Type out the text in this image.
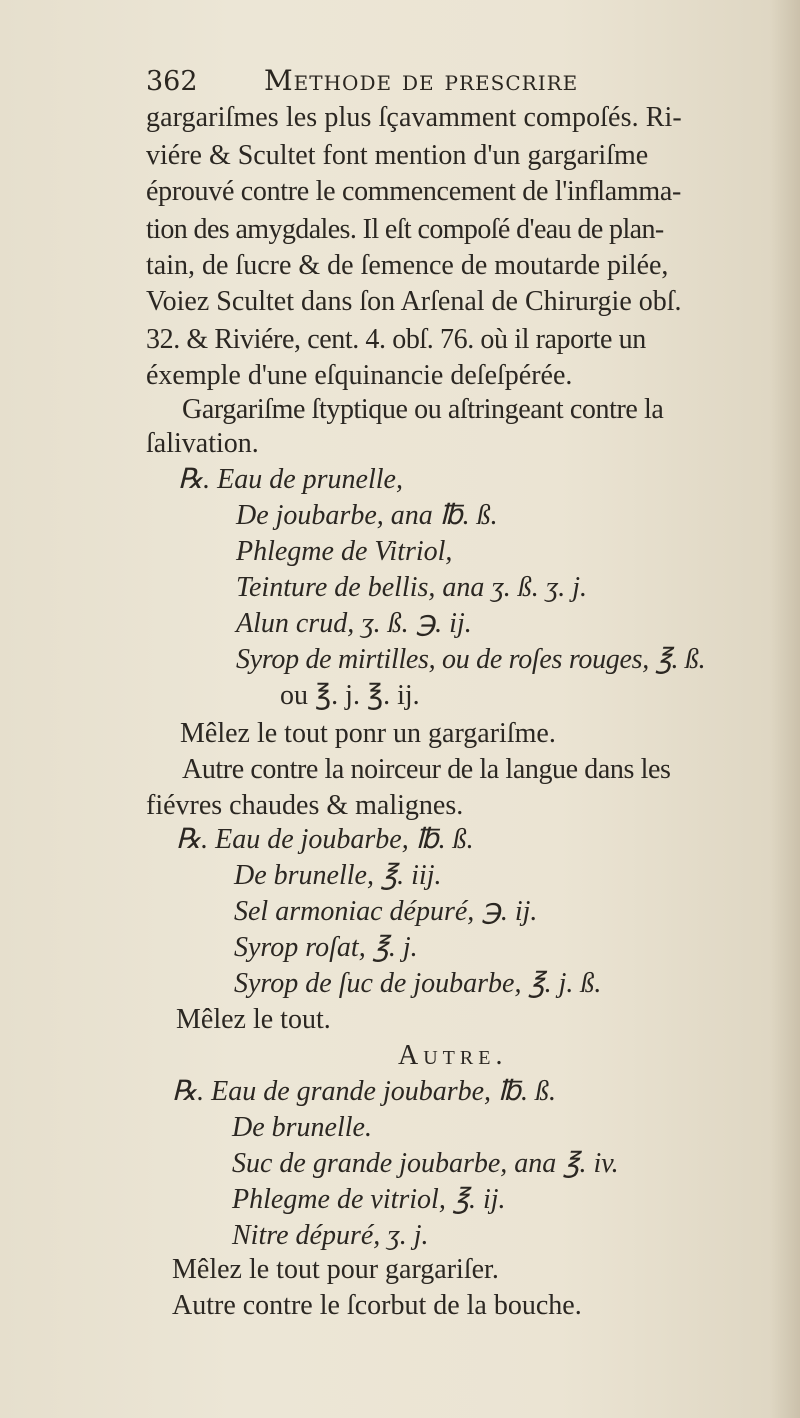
362 Methode de prescrire
gargariſmes les plus ſçavamment compoſés. Ri-
viére & Scultet font mention d'un gargariſme
éprouvé contre le commencement de l'inflamma-
tion des amygdales. Il eſt compoſé d'eau de plan-
tain, de ſucre & de ſemence de moutarde pilée,
Voiez Scultet dans ſon Arſenal de Chirurgie obſ.
32. & Riviére, cent. 4. obſ. 76. où il raporte un
éxemple d'une eſquinancie deſeſpérée.
Gargariſme ſtyptique ou aſtringeant contre la
ſalivation.
℞. Eau de prunelle,
De joubarbe, ana ℔. ß.
Phlegme de Vitriol,
Teinture de bellis, ana ʒ. ß. ʒ. j.
Alun crud, ʒ. ß. ℈. ij.
Syrop de mirtilles, ou de roſes rouges, ℥. ß.
ou ℥. j. ℥. ij.
Mêlez le tout ponr un gargariſme.
Autre contre la noirceur de la langue dans les
fiévres chaudes & malignes.
℞. Eau de joubarbe, ℔. ß.
De brunelle, ℥. iij.
Sel armoniac dépuré, ℈. ij.
Syrop roſat, ℥. j.
Syrop de ſuc de joubarbe, ℥. j. ß.
Mêlez le tout.
Autre.
℞. Eau de grande joubarbe, ℔. ß.
De brunelle.
Suc de grande joubarbe, ana ℥. iv.
Phlegme de vitriol, ℥. ij.
Nitre dépuré, ʒ. j.
Mêlez le tout pour gargariſer.
Autre contre le ſcorbut de la bouche.
